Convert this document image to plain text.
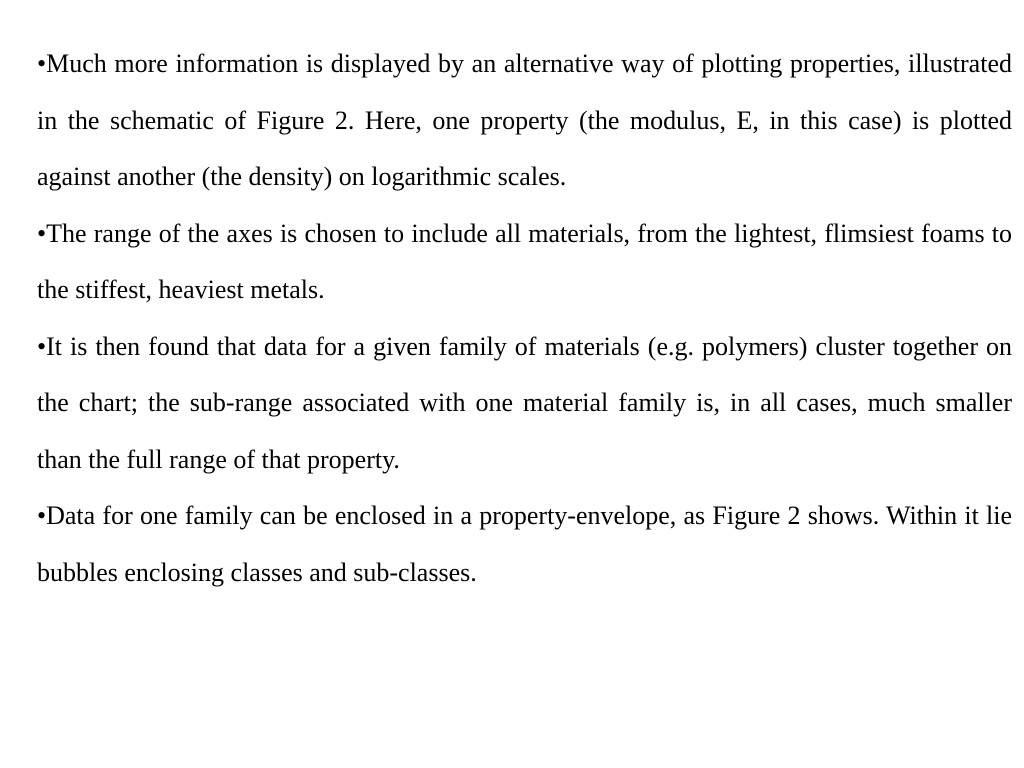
•Much more information is displayed by an alternative way of plotting properties, illustrated in the schematic of Figure 2. Here, one property (the modulus, E, in this case) is plotted against another (the density) on logarithmic scales.
•The range of the axes is chosen to include all materials, from the lightest, flimsiest foams to the stiffest, heaviest metals.
•It is then found that data for a given family of materials (e.g. polymers) cluster together on the chart; the sub-range associated with one material family is, in all cases, much smaller than the full range of that property.
•Data for one family can be enclosed in a property-envelope, as Figure 2 shows. Within it lie bubbles enclosing classes and sub-classes.
